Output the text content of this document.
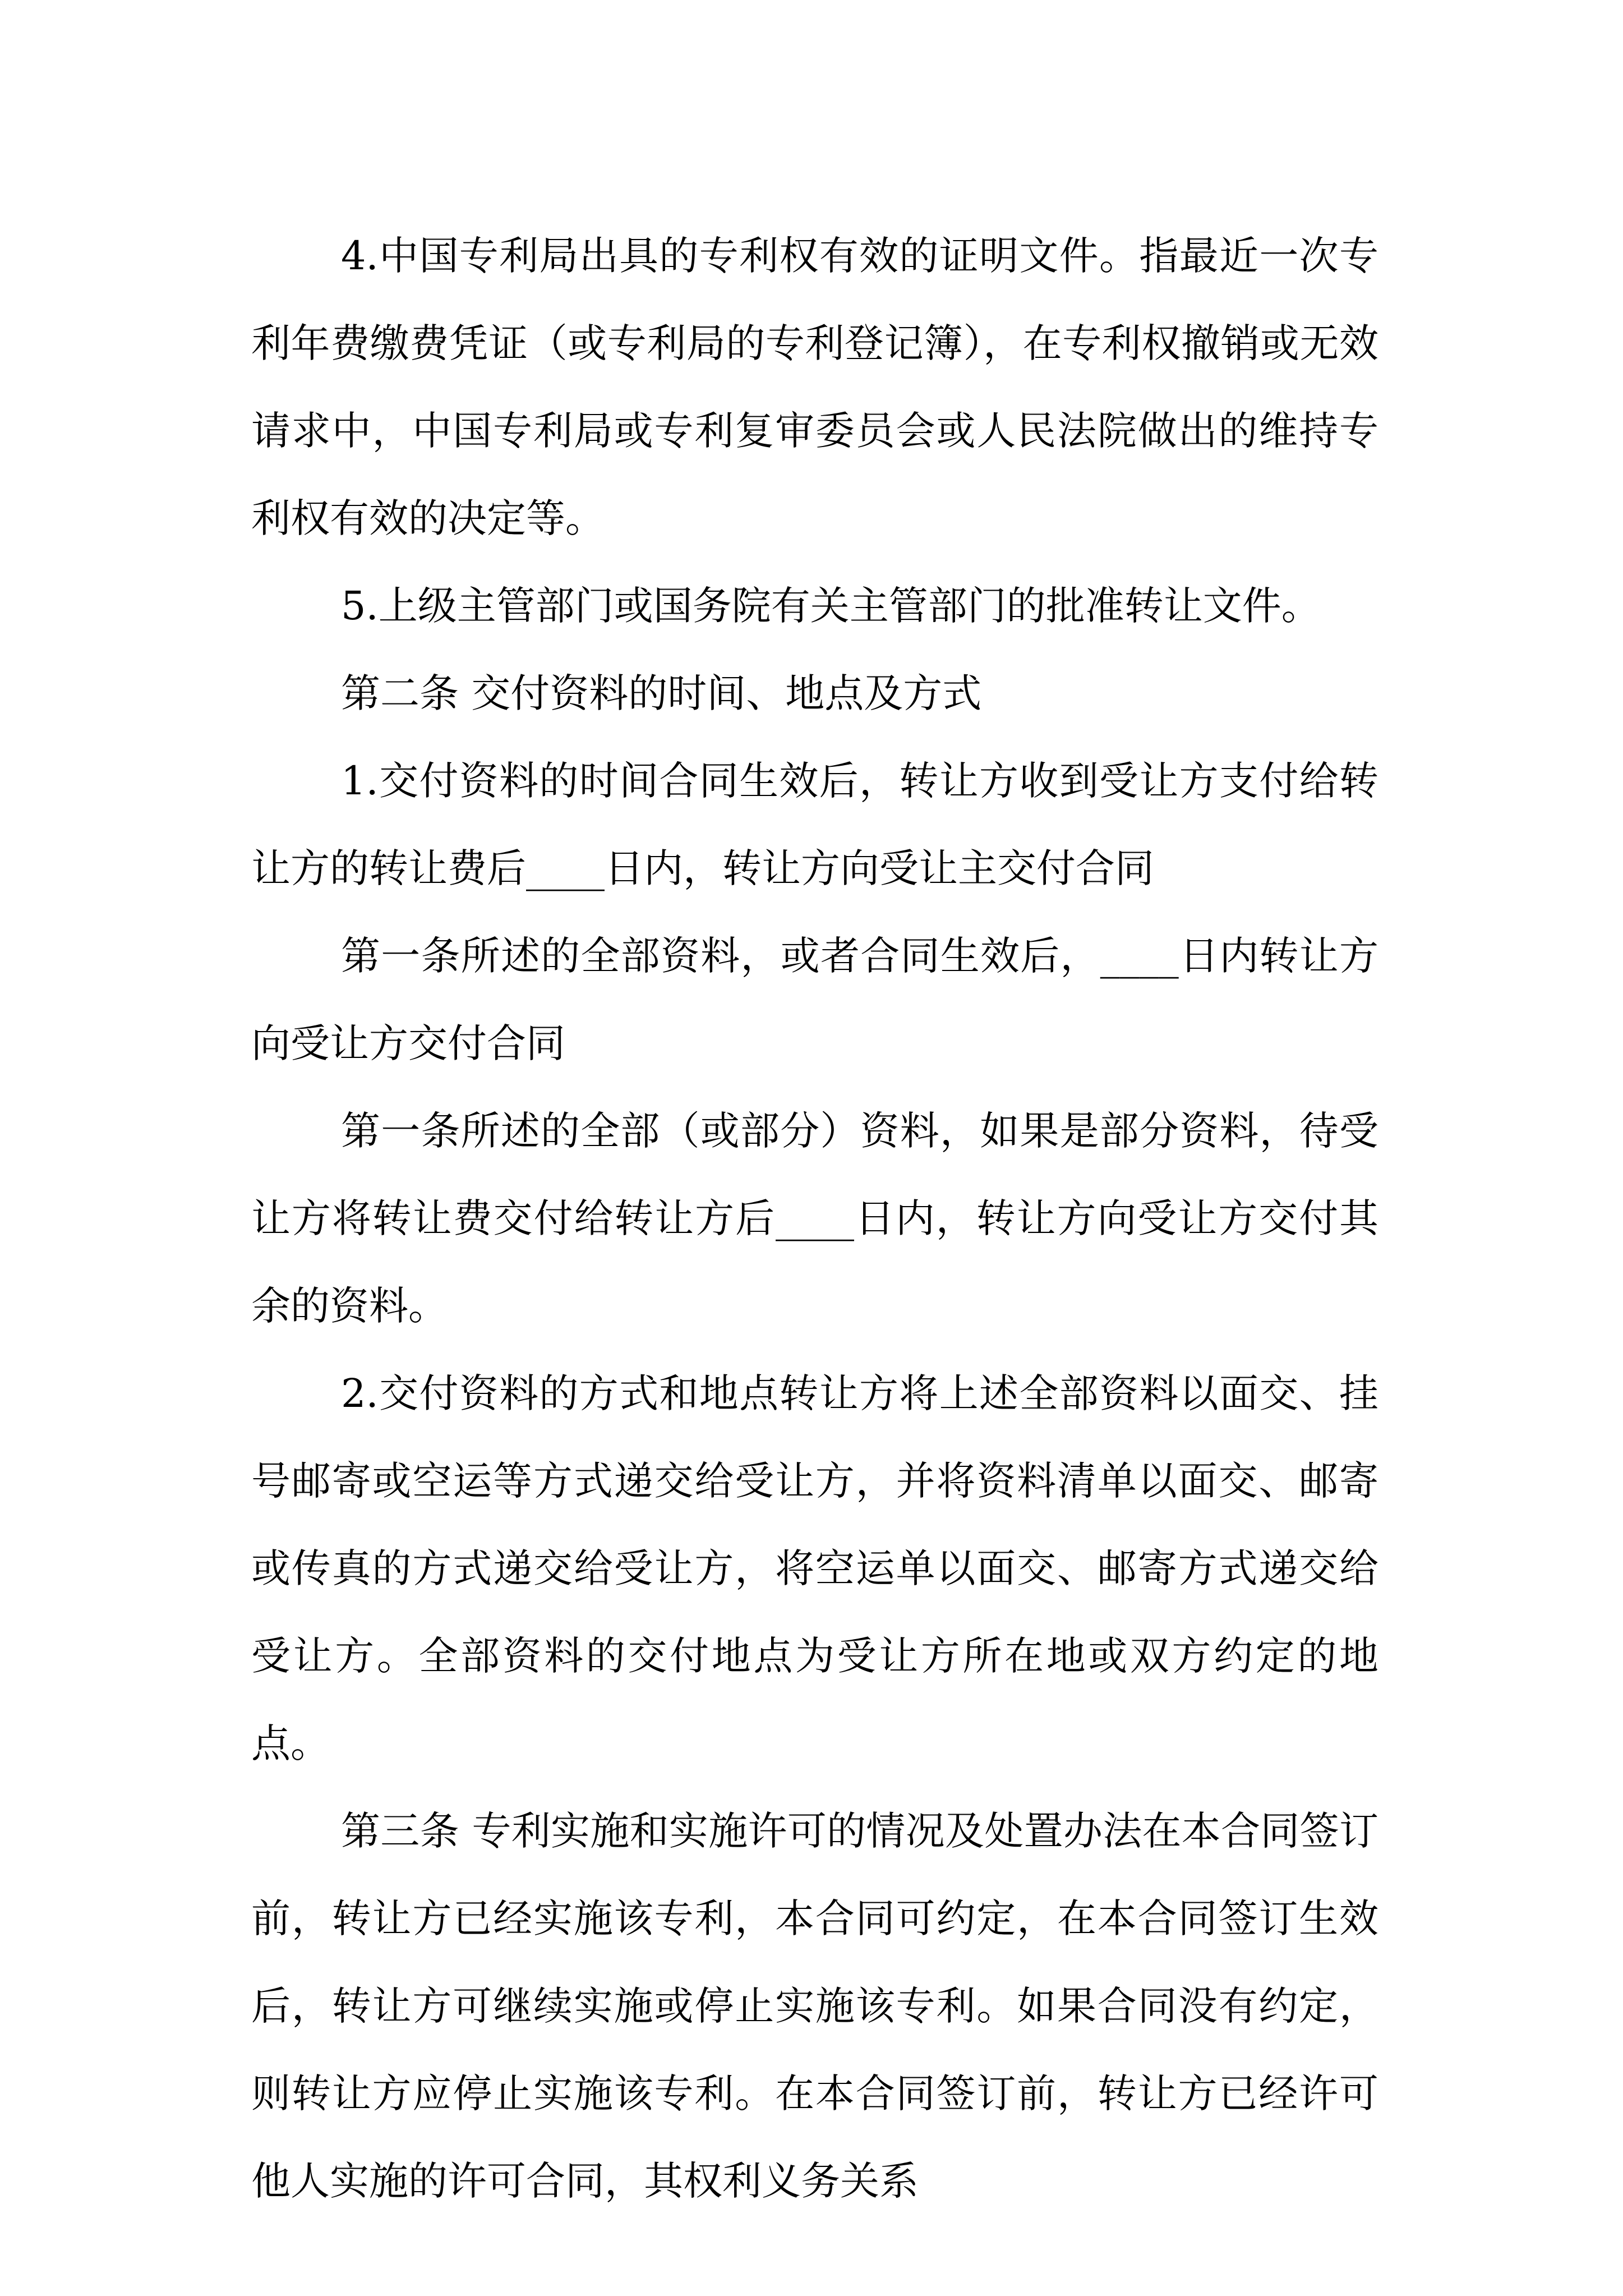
4.中国专利局出具的专利权有效的证明文件。指最近一次专利年费缴费凭证（或专利局的专利登记簿），在专利权撤销或无效请求中，中国专利局或专利复审委员会或人民法院做出的维持专利权有效的决定等。

5.上级主管部门或国务院有关主管部门的批准转让文件。

第二条 交付资料的时间、地点及方式

1.交付资料的时间合同生效后，转让方收到受让方支付给转让方的转让费后____日内，转让方向受让主交付合同

第一条所述的全部资料，或者合同生效后，____日内转让方向受让方交付合同

第一条所述的全部（或部分）资料，如果是部分资料，待受让方将转让费交付给转让方后____日内，转让方向受让方交付其余的资料。

2.交付资料的方式和地点转让方将上述全部资料以面交、挂号邮寄或空运等方式递交给受让方，并将资料清单以面交、邮寄或传真的方式递交给受让方，将空运单以面交、邮寄方式递交给受让方。全部资料的交付地点为受让方所在地或双方约定的地点。

第三条 专利实施和实施许可的情况及处置办法在本合同签订前，转让方已经实施该专利，本合同可约定，在本合同签订生效后，转让方可继续实施或停止实施该专利。如果合同没有约定，则转让方应停止实施该专利。在本合同签订前，转让方已经许可他人实施的许可合同，其权利义务关系
